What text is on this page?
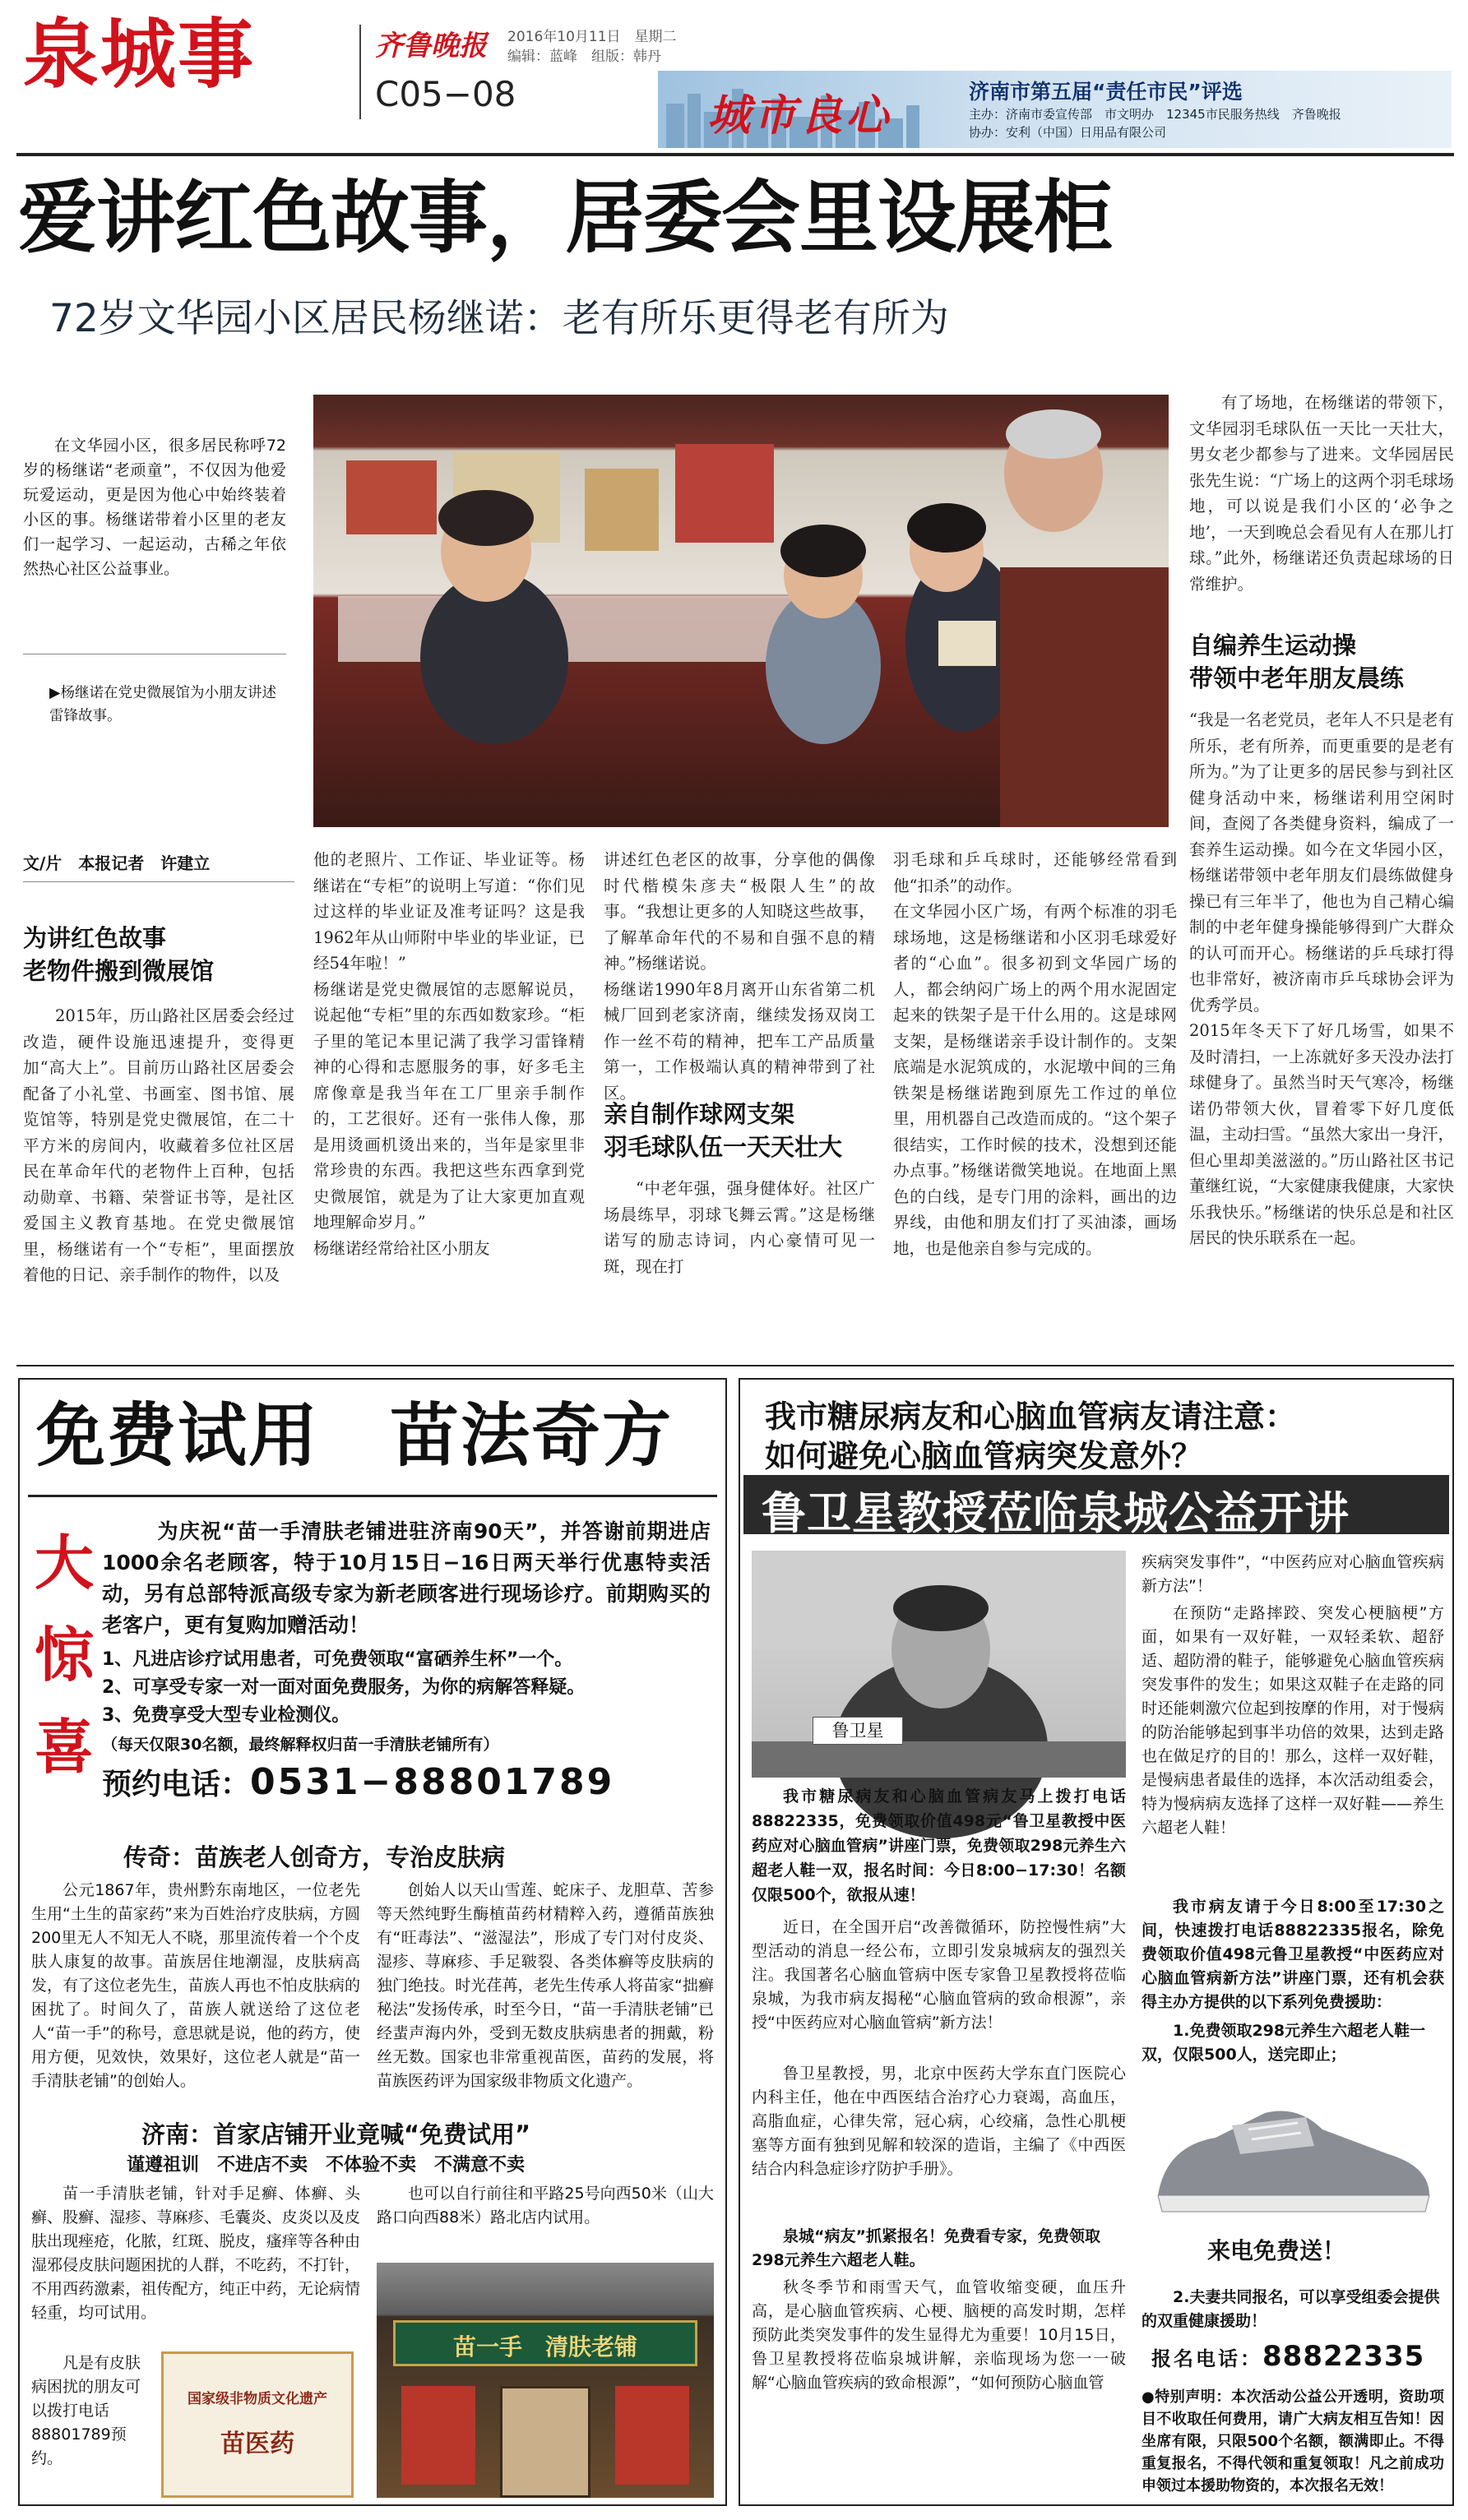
泉城事	齐鲁晚报 2016年10月11日　星期二
编辑：蓝峰　组版：韩丹
C05−08	城市良心	济南市第五届“责任市民”评选
主办：济南市委宣传部　市文明办　12345市民服务热线　齐鲁晚报
协办：安利（中国）日用品有限公司
爱讲红色故事，居委会里设展柜
72岁文华园小区居民杨继诺：老有所乐更得老有所为
在文华园小区，很多居民称呼72岁的杨继诺“老顽童”，不仅因为他爱玩爱运动，更是因为他心中始终装着小区的事。杨继诺带着小区里的老友们一起学习、一起运动，古稀之年依然热心社区公益事业。
▶杨继诺在党史微展馆为小朋友讲述雷锋故事。
文/片　本报记者　许建立
为讲红色故事
老物件搬到微展馆
2015年，历山路社区居委会经过改造，硬件设施迅速提升，变得更加“高大上”。目前历山路社区居委会配备了小礼堂、书画室、图书馆、展览馆等，特别是党史微展馆，在二十平方米的房间内，收藏着多位社区居民在革命年代的老物件上百种，包括动勋章、书籍、荣誉证书等，是社区爱国主义教育基地。在党史微展馆里，杨继诺有一个“专柜”，里面摆放着他的日记、亲手制作的物件，以及
他的老照片、工作证、毕业证等。杨继诺在“专柜”的说明上写道：“你们见过这样的毕业证及准考证吗？这是我1962年从山师附中毕业的毕业证，已经54年啦！”
杨继诺是党史微展馆的志愿解说员，说起他“专柜”里的东西如数家珍。“柜子里的笔记本里记满了我学习雷锋精神的心得和志愿服务的事，好多毛主席像章是我当年在工厂里亲手制作的，工艺很好。还有一张伟人像，那是用烫画机烫出来的，当年是家里非常珍贵的东西。我把这些东西拿到党史微展馆，就是为了让大家更加直观地理解命岁月。”
杨继诺经常给社区小朋友
讲述红色老区的故事，分享他的偶像时代楷模朱彦夫“极限人生”的故事。“我想让更多的人知晓这些故事，了解革命年代的不易和自强不息的精神。”杨继诺说。
杨继诺1990年8月离开山东省第二机械厂回到老家济南，继续发扬双岗工作一丝不苟的精神，把车工产品质量第一，工作极端认真的精神带到了社区。
亲自制作球网支架
羽毛球队伍一天天壮大
“中老年强，强身健体好。社区广场晨练早，羽球飞舞云霄。”这是杨继诺写的励志诗词，内心豪情可见一斑，现在打
羽毛球和乒乓球时，还能够经常看到他“扣杀”的动作。
在文华园小区广场，有两个标准的羽毛球场地，这是杨继诺和小区羽毛球爱好者的“心血”。很多初到文华园广场的人，都会纳闷广场上的两个用水泥固定起来的铁架子是干什么用的。这是球网支架，是杨继诺亲手设计制作的。支架底端是水泥筑成的，水泥墩中间的三角铁架是杨继诺跑到原先工作过的单位里，用机器自己改造而成的。“这个架子很结实，工作时候的技术，没想到还能办点事。”杨继诺微笑地说。在地面上黑色的白线，是专门用的涂料，画出的边界线，由他和朋友们打了买油漆，画场地，也是他亲自参与完成的。
有了场地，在杨继诺的带领下，文华园羽毛球队伍一天比一天壮大，男女老少都参与了进来。文华园居民张先生说：“广场上的这两个羽毛球场地，可以说是我们小区的‘必争之地’，一天到晚总会看见有人在那儿打球。”此外，杨继诺还负责起球场的日常维护。
自编养生运动操
带领中老年朋友晨练
“我是一名老党员，老年人不只是老有所乐，老有所养，而更重要的是老有所为。”为了让更多的居民参与到社区健身活动中来，杨继诺利用空闲时间，查阅了各类健身资料，编成了一套养生运动操。如今在文华园小区，杨继诺带领中老年朋友们晨练做健身操已有三年半了，他也为自己精心编制的中老年健身操能够得到广大群众的认可而开心。杨继诺的乒乓球打得也非常好，被济南市乒乓球协会评为优秀学员。
2015年冬天下了好几场雪，如果不及时清扫，一上冻就好多天没办法打球健身了。虽然当时天气寒冷，杨继诺仍带领大伙，冒着零下好几度低温，主动扫雪。“虽然大家出一身汗，但心里却美滋滋的。”历山路社区书记董继红说，“大家健康我健康，大家快乐我快乐。”杨继诺的快乐总是和社区居民的快乐联系在一起。
免费试用　苗法奇方
大
惊
喜
为庆祝“苗一手清肤老铺进驻济南90天”，并答谢前期进店1000余名老顾客，特于10月15日−16日两天举行优惠特卖活动，另有总部特派高级专家为新老顾客进行现场诊疗。前期购买的老客户，更有复购加赠活动！
1、凡进店诊疗试用患者，可免费领取“富硒养生杯”一个。
2、可享受专家一对一面对面免费服务，为你的病解答释疑。
3、免费享受大型专业检测仪。
（每天仅限30名额，最终解释权归苗一手清肤老铺所有）
预约电话：0531−88801789
传奇：苗族老人创奇方，专治皮肤病
公元1867年，贵州黔东南地区，一位老先生用“土生的苗家药”来为百姓治疗皮肤病，方圆200里无人不知无人不晓，那里流传着一个个皮肤人康复的故事。苗族居住地潮湿，皮肤病高发，有了这位老先生，苗族人再也不怕皮肤病的困扰了。时间久了，苗族人就送给了这位老人“苗一手”的称号，意思就是说，他的药方，使用方便，见效快，效果好，这位老人就是“苗一手清肤老铺”的创始人。
创始人以天山雪莲、蛇床子、龙胆草、苦参等天然纯野生酶植苗药材精粹入药，遵循苗族独有“旺毒法”、“滋湿法”，形成了专门对付皮炎、湿疹、荨麻疹、手足皲裂、各类体癣等皮肤病的独门绝技。时光荏苒，老先生传承人将苗家“拙癣秘法”发扬传承，时至今日，“苗一手清肤老铺”已经蜚声海内外，受到无数皮肤病患者的拥戴，粉丝无数。国家也非常重视苗医，苗药的发展，将苗族医药评为国家级非物质文化遗产。
济南：首家店铺开业竟喊“免费试用”
谨遵祖训　不进店不卖　不体验不卖　不满意不卖
苗一手清肤老铺，针对手足癣、体癣、头癣、股癣、湿疹、荨麻疹、毛囊炎、皮炎以及皮肤出现痤疮，化脓，红斑、脱皮，瘙痒等各种由湿邪侵皮肤问题困扰的人群，不吃药，不打针，不用西药激素，祖传配方，纯正中药，无论病情轻重，均可试用。
也可以自行前往和平路25号向西50米（山大路口向西88米）路北店内试用。
凡是有皮肤病困扰的朋友可以拨打电话88801789预约。
国家级非物质文化遗产
苗医药
苗一手　清肤老铺
我市糖尿病友和心脑血管病友请注意：
如何避免心脑血管病突发意外？
鲁卫星教授莅临泉城公益开讲
鲁卫星
我市糖尿病友和心脑血管病友马上拨打电话88822335，免费领取价值498元“鲁卫星教授中医药应对心脑血管病”讲座门票，免费领取298元养生六超老人鞋一双，报名时间：今日8:00−17:30！名额仅限500个，欲报从速！
近日，在全国开启“改善微循环，防控慢性病”大型活动的消息一经公布，立即引发泉城病友的强烈关注。我国著名心脑血管病中医专家鲁卫星教授将莅临泉城，为我市病友揭秘“心脑血管病的致命根源”，亲授“中医药应对心脑血管病”新方法！
鲁卫星教授，男，北京中医药大学东直门医院心内科主任，他在中西医结合治疗心力衰竭，高血压，高脂血症，心律失常，冠心病，心绞痛，急性心肌梗塞等方面有独到见解和较深的造诣，主编了《中西医结合内科急症诊疗防护手册》。
泉城“病友”抓紧报名！免费看专家，免费领取298元养生六超老人鞋。
秋冬季节和雨雪天气，血管收缩变硬，血压升高，是心脑血管疾病、心梗、脑梗的高发时期，怎样预防此类突发事件的发生显得尤为重要！10月15日，鲁卫星教授将莅临泉城讲解，亲临现场为您一一破解“心脑血管疾病的致命根源”，“如何预防心脑血管
疾病突发事件”，“中医药应对心脑血管疾病新方法”！
在预防“走路摔跤、突发心梗脑梗”方面，如果有一双好鞋，一双轻柔软、超舒适、超防滑的鞋子，能够避免心脑血管疾病突发事件的发生；如果这双鞋子在走路的同时还能刺激穴位起到按摩的作用，对于慢病的防治能够起到事半功倍的效果，达到走路也在做足疗的目的！那么，这样一双好鞋，是慢病患者最佳的选择，本次活动组委会，特为慢病病友选择了这样一双好鞋——养生六超老人鞋！
我市病友请于今日8:00至17:30之间，快速拨打电话88822335报名，除免费领取价值498元鲁卫星教授“中医药应对心脑血管病新方法”讲座门票，还有机会获得主办方提供的以下系列免费援助：
1.免费领取298元养生六超老人鞋一双，仅限500人，送完即止；
来电免费送！
2.夫妻共同报名，可以享受组委会提供的双重健康援助！
报名电话：88822335
●特别声明：本次活动公益公开透明，资助项目不收取任何费用，请广大病友相互告知！因坐席有限，只限500个名额，额满即止。不得重复报名，不得代领和重复领取！凡之前成功申领过本援助物资的，本次报名无效！
